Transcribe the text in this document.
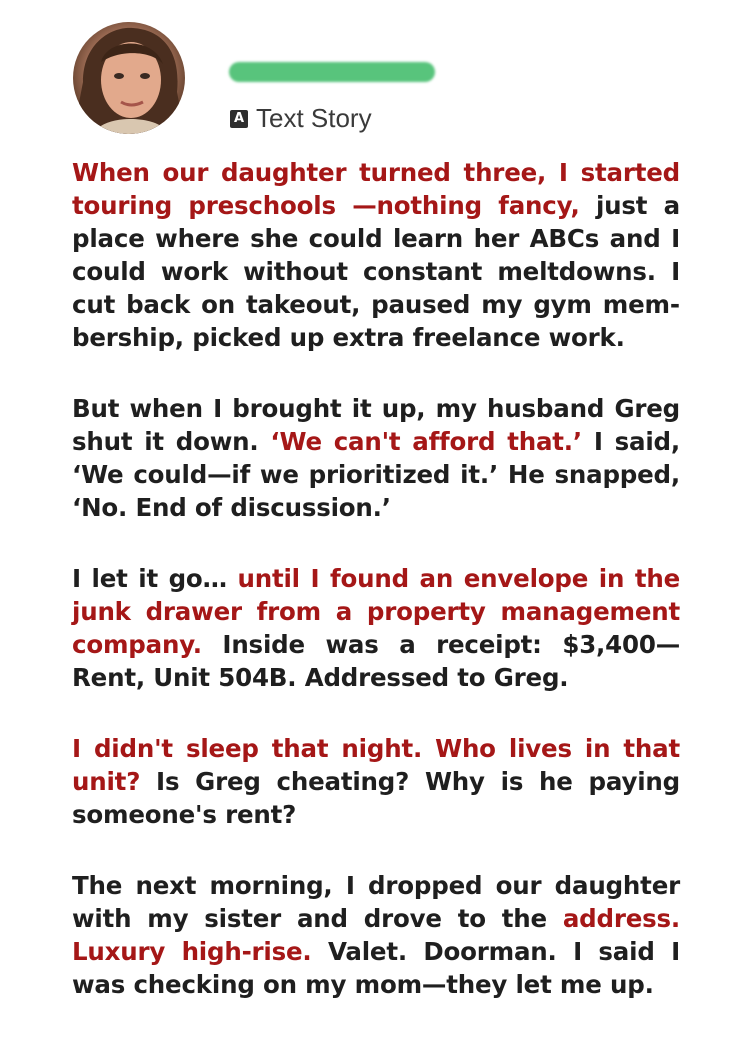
A Text Story

When our daughter turned three, I started touring preschools —nothing fancy, just a place where she could learn her ABCs and I could work without constant meltdowns. I cut back on takeout, paused my gym membership, picked up extra freelance work.

But when I brought it up, my husband Greg shut it down. ‘We can't afford that.’ I said, ‘We could—if we prioritized it.’ He snapped, ‘No. End of discussion.’

I let it go… until I found an envelope in the junk drawer from a property management company. Inside was a receipt: $3,400—Rent, Unit 504B. Addressed to Greg.

I didn't sleep that night. Who lives in that unit? Is Greg cheating? Why is he paying someone's rent?

The next morning, I dropped our daughter with my sister and drove to the address. Luxury high-rise. Valet. Doorman. I said I was checking on my mom—they let me up.
